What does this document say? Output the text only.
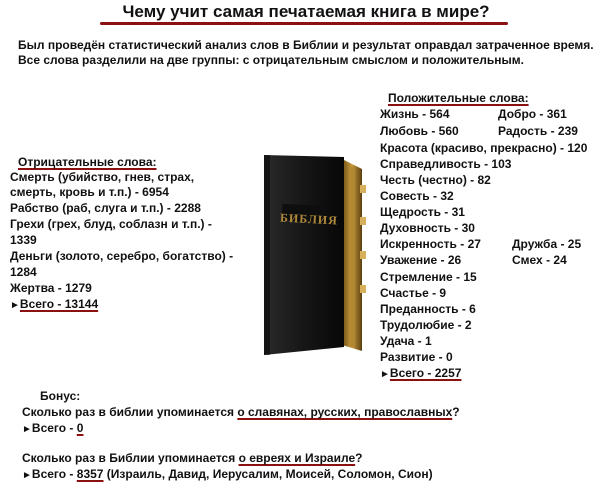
Чему учит самая печатаемая книга в мире?
Был проведён статистический анализ слов в Библии и результат оправдал затраченное время. Все слова разделили на две группы: с отрицательным смыслом и положительным.
Отрицательные слова:
Смерть (убийство, гнев, страх,
смерть, кровь и т.п.) - 6954
Рабство (раб, слуга и т.п.) - 2288
Грехи (грех, блуд, соблазн и т.п.) -
1339
Деньги (золото, серебро, богатство) -
1284
Жертва - 1279
►Всего - 13144
БИБЛИЯ
Положительные слова:
Жизнь - 564	Добро - 361
Любовь - 560	Радость - 239
Красота (красиво, прекрасно) - 120
Справедливость - 103
Честь (честно) - 82
Совесть - 32
Щедрость - 31
Духовность - 30
Искренность - 27	Дружба - 25
Уважение - 26	Смех - 24
Стремление - 15
Счастье - 9
Преданность - 6
Трудолюбие - 2
Удача - 1
Развитие - 0
►Всего - 2257
Бонус:
Сколько раз в библии упоминается о славянах, русских, православных?
►Всего - 0
Сколько раз в Библии упоминается о евреях и Израиле?
►Всего - 8357 (Израиль, Давид, Иерусалим, Моисей, Соломон, Сион)
